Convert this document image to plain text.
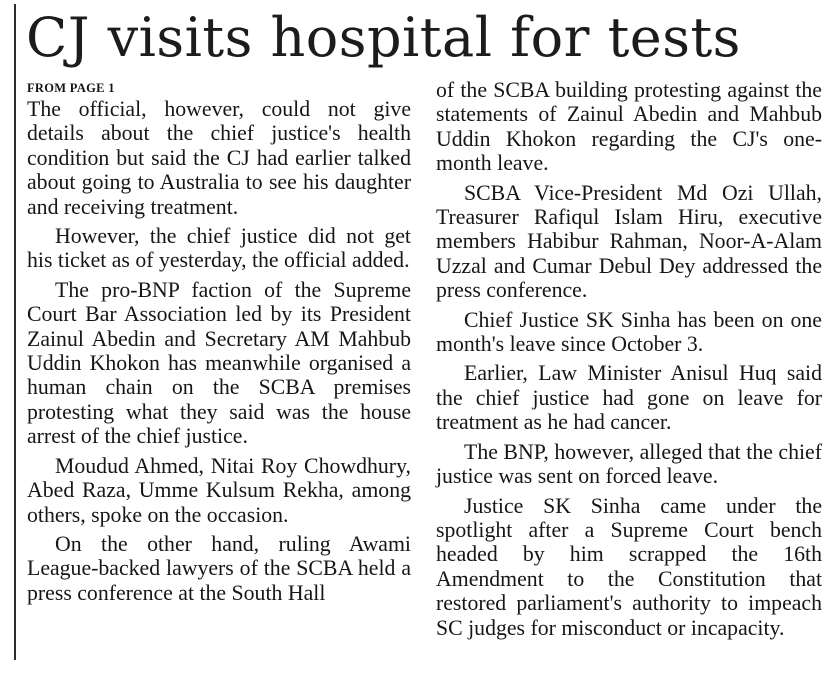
CJ visits hospital for tests
FROM PAGE 1

The official, however, could not give details about the chief justice's health condition but said the CJ had earlier talked about going to Australia to see his daughter and receiving treatment.

However, the chief justice did not get his ticket as of yesterday, the official added.

The pro-BNP faction of the Supreme Court Bar Association led by its President Zainul Abedin and Secretary AM Mahbub Uddin Khokon has meanwhile organised a human chain on the SCBA premises protesting what they said was the house arrest of the chief justice.

Moudud Ahmed, Nitai Roy Chowdhury, Abed Raza, Umme Kulsum Rekha, among others, spoke on the occasion.

On the other hand, ruling Awami League-backed lawyers of the SCBA held a press conference at the South Hall

of the SCBA building protesting against the statements of Zainul Abedin and Mahbub Uddin Khokon regarding the CJ's one-month leave.

SCBA Vice-President Md Ozi Ullah, Treasurer Rafiqul Islam Hiru, executive members Habibur Rahman, Noor-A-Alam Uzzal and Cumar Debul Dey addressed the press conference.

Chief Justice SK Sinha has been on one month's leave since October 3.

Earlier, Law Minister Anisul Huq said the chief justice had gone on leave for treatment as he had cancer.

The BNP, however, alleged that the chief justice was sent on forced leave.

Justice SK Sinha came under the spotlight after a Supreme Court bench headed by him scrapped the 16th Amendment to the Constitution that restored parliament's authority to impeach SC judges for misconduct or incapacity.
